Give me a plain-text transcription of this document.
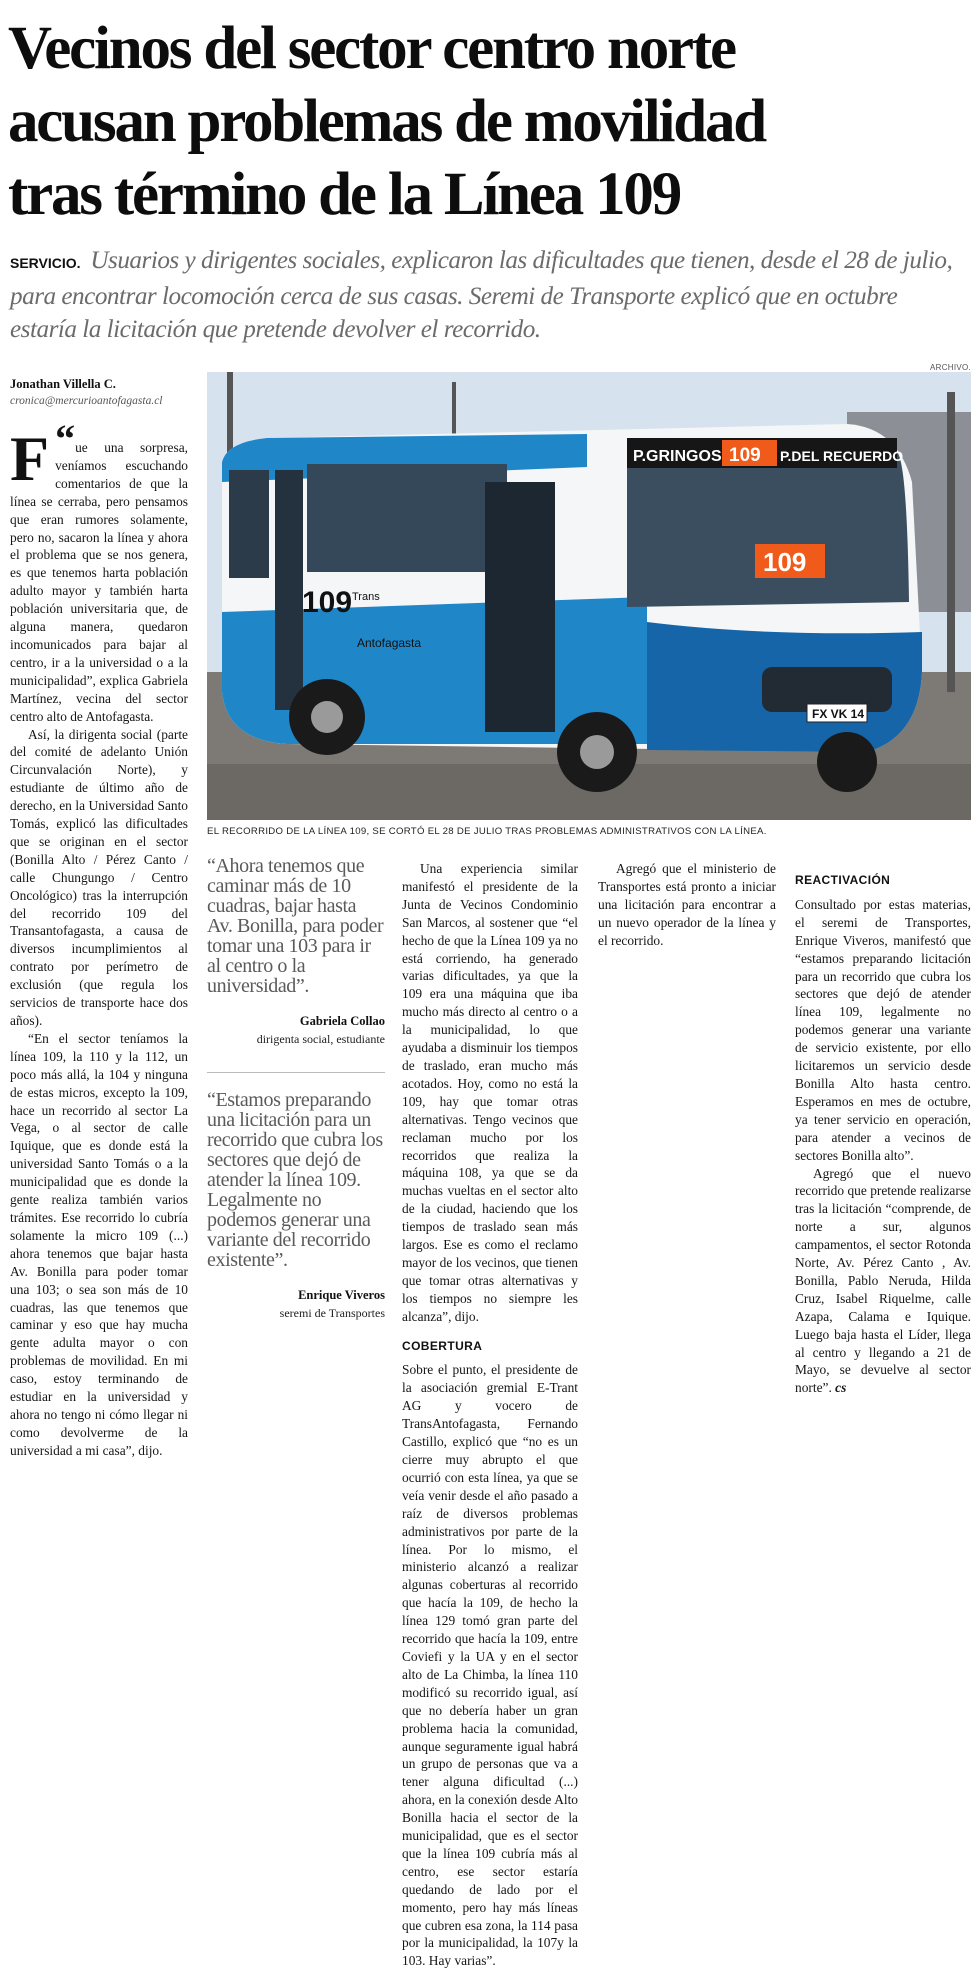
Vecinos del sector centro norte
acusan problemas de movilidad
tras término de la Línea 109
SERVICIO. Usuarios y dirigentes sociales, explicaron las dificultades que tienen, desde el 28 de julio, para encontrar locomoción cerca de sus casas. Seremi de Transporte explicó que en octubre estaría la licitación que pretende devolver el recorrido.
Jonathan Villella C.
cronica@mercurioantofagasta.cl

“
F ue una sorpresa, veníamos escuchando comentarios de que la línea se cerraba, pero pensamos que eran rumores solamente, pero no, sacaron la línea y ahora el problema que se nos genera, es que tenemos harta población adulto mayor y también harta población universitaria que, de alguna manera, quedaron incomunicados para bajar al centro, ir a la universidad o a la municipalidad”, explica Gabriela Martínez, vecina del sector centro alto de Antofagasta.

Así, la dirigenta social (parte del comité de adelanto Unión Circunvalación Norte), y estudiante de último año de derecho, en la Universidad Santo Tomás, explicó las dificultades que se originan en el sector (Bonilla Alto / Pérez Canto / calle Chungungo / Centro Oncológico) tras la interrupción del recorrido 109 del Transantofagasta, a causa de diversos incumplimientos al contrato por perímetro de exclusión (que regula los servicios de transporte hace dos años).

“En el sector teníamos la línea 109, la 110 y la 112, un poco más allá, la 104 y ninguna de estas micros, excepto la 109, hace un recorrido al sector La Vega, o al sector de calle Iquique, que es donde está la universidad Santo Tomás o a la municipalidad que es donde la gente realiza también varios trámites. Ese recorrido lo cubría solamente la micro 109 (...) ahora tenemos que bajar hasta Av. Bonilla para poder tomar una 103; o sea son más de 10 cuadras, las que tenemos que caminar y eso que hay mucha gente adulta mayor o con problemas de movilidad. En mi caso, estoy terminando de estudiar en la universidad y ahora no tengo ni cómo llegar ni como devolverme de la universidad a mi casa”, dijo.

ARCHIVO.
P.GRINGOS 109 P.DEL RECUERDO
109
109 Trans
Antofagasta
FX VK 14
EL RECORRIDO DE LA LÍNEA 109, SE CORTÓ EL 28 DE JULIO TRAS PROBLEMAS ADMINISTRATIVOS CON LA LÍNEA.
“Ahora tenemos que caminar más de 10 cuadras, bajar hasta Av. Bonilla, para poder tomar una 103 para ir al centro o la universidad”.
Gabriela Collao
dirigenta social, estudiante
“Estamos preparando una licitación para un recorrido que cubra los sectores que dejó de atender la línea 109. Legalmente no podemos generar una variante del recorrido existente”.
Enrique Viveros
seremi de Transportes

Una experiencia similar manifestó el presidente de la Junta de Vecinos Condominio San Marcos, al sostener que “el hecho de que la Línea 109 ya no está corriendo, ha generado varias dificultades, ya que la 109 era una máquina que iba mucho más directo al centro o a la municipalidad, lo que ayudaba a disminuir los tiempos de traslado, eran mucho más acotados. Hoy, como no está la 109, hay que tomar otras alternativas. Tengo vecinos que reclaman mucho por los recorridos que realiza la máquina 108, ya que se da muchas vueltas en el sector alto de la ciudad, haciendo que los tiempos de traslado sean más largos. Ese es como el reclamo mayor de los vecinos, que tienen que tomar otras alternativas y los tiempos no siempre les alcanza”, dijo.

COBERTURA

Sobre el punto, el presidente de la asociación gremial E-Trant AG y vocero de TransAntofagasta, Fernando Castillo, explicó que “no es un cierre muy abrupto el que ocurrió con esta línea, ya que se veía venir desde el año pasado a raíz de diversos problemas administrativos por parte de la línea. Por lo mismo, el ministerio alcanzó a realizar algunas coberturas al recorrido que hacía la 109, de hecho la línea 129 tomó gran parte del recorrido que hacía la 109, entre Coviefi y la UA y en el sector alto de La Chimba, la línea 110 modificó su recorrido igual, así que no debería haber un gran problema hacia la comunidad, aunque seguramente igual habrá un grupo de personas que va a tener alguna dificultad (...) ahora, en la conexión desde Alto Bonilla hacia el sector de la municipalidad, que es el sector que la línea 109 cubría más al centro, ese sector estaría quedando de lado por el momento, pero hay más líneas que cubren esa zona, la 114 pasa por la municipalidad, la 107y la 103. Hay varias”.

Agregó que el ministerio de Transportes está pronto a iniciar una licitación para encontrar a un nuevo operador de la línea y el recorrido.

REACTIVACIÓN

Consultado por estas materias, el seremi de Transportes, Enrique Viveros, manifestó que “estamos preparando licitación para un recorrido que cubra los sectores que dejó de atender línea 109, legalmente no podemos generar una variante de servicio existente, por ello licitaremos un servicio desde Bonilla Alto hasta centro. Esperamos en mes de octubre, ya tener servicio en operación, para atender a vecinos de sectores Bonilla alto”.

Agregó que el nuevo recorrido que pretende realizarse tras la licitación “comprende, de norte a sur, algunos campamentos, el sector Rotonda Norte, Av. Pérez Canto , Av. Bonilla, Pablo Neruda, Hilda Cruz, Isabel Riquelme, calle Azapa, Calama e Iquique. Luego baja hasta el Líder, llega al centro y llegando a 21 de Mayo, se devuelve al sector norte”. cs
